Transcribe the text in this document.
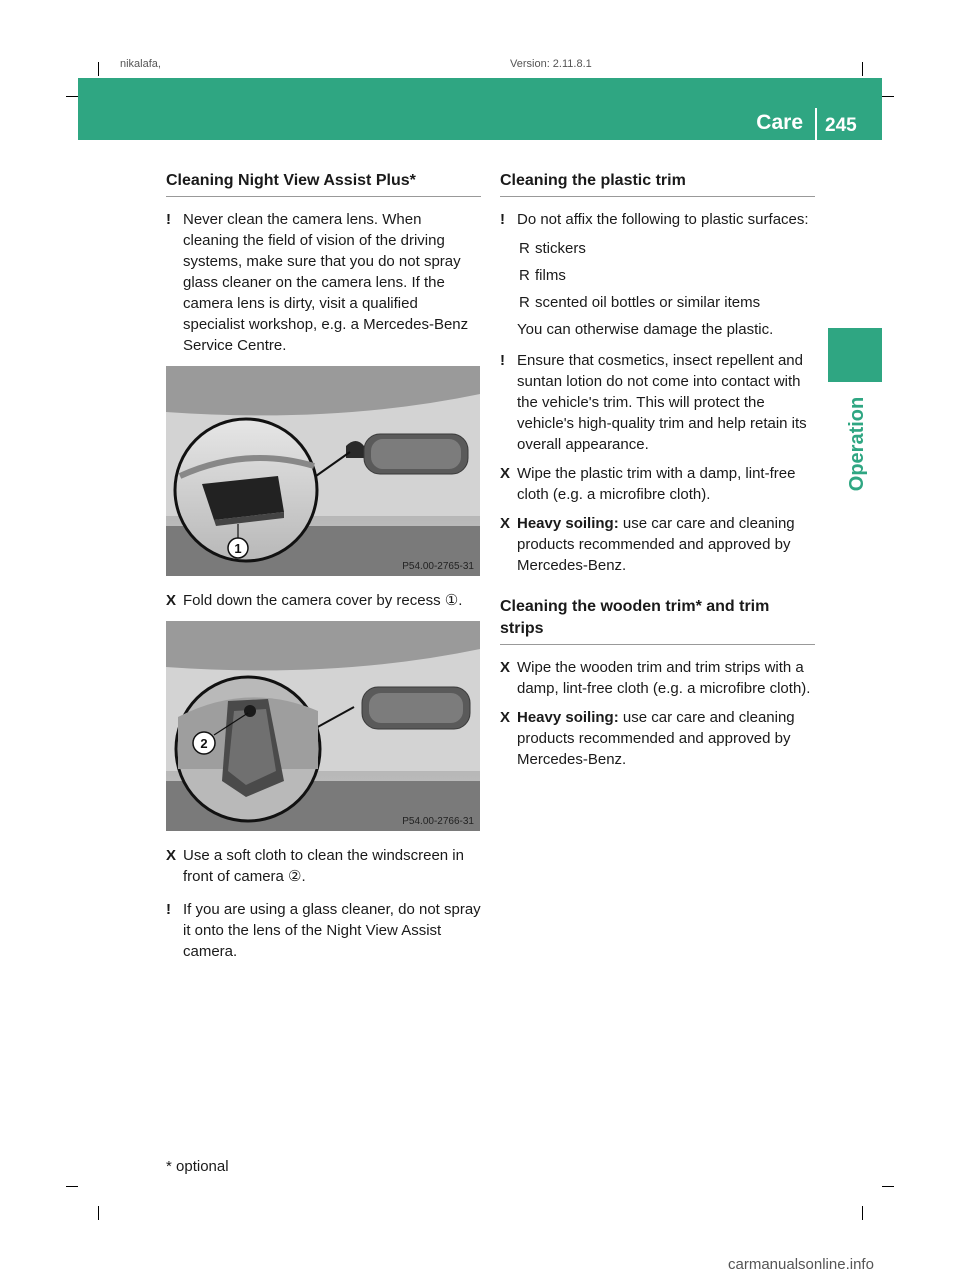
nikalafa,	Version: 2.11.8.1
Care 245
Operation
Cleaning Night View Assist Plus*
! Never clean the camera lens. When cleaning the field of vision of the driving systems, make sure that you do not spray glass cleaner on the camera lens. If the camera lens is dirty, visit a qualified specialist workshop, e.g. a Mercedes-Benz Service Centre.
1
P54.00-2765-31
X Fold down the camera cover by recess ①.
2
P54.00-2766-31
X Use a soft cloth to clean the windscreen in front of camera ②.
! If you are using a glass cleaner, do not spray it onto the lens of the Night View Assist camera.
Cleaning the plastic trim
! Do not affix the following to plastic surfaces:
R stickers
R films
R scented oil bottles or similar items
You can otherwise damage the plastic.
! Ensure that cosmetics, insect repellent and suntan lotion do not come into contact with the vehicle's trim. This will protect the vehicle's high-quality trim and help retain its overall appearance.
X Wipe the plastic trim with a damp, lint-free cloth (e.g. a microfibre cloth).
X Heavy soiling: use car care and cleaning products recommended and approved by Mercedes-Benz.
Cleaning the wooden trim* and trim strips
X Wipe the wooden trim and trim strips with a damp, lint-free cloth (e.g. a microfibre cloth).
X Heavy soiling: use car care and cleaning products recommended and approved by Mercedes-Benz.
* optional
carmanualsonline.info
